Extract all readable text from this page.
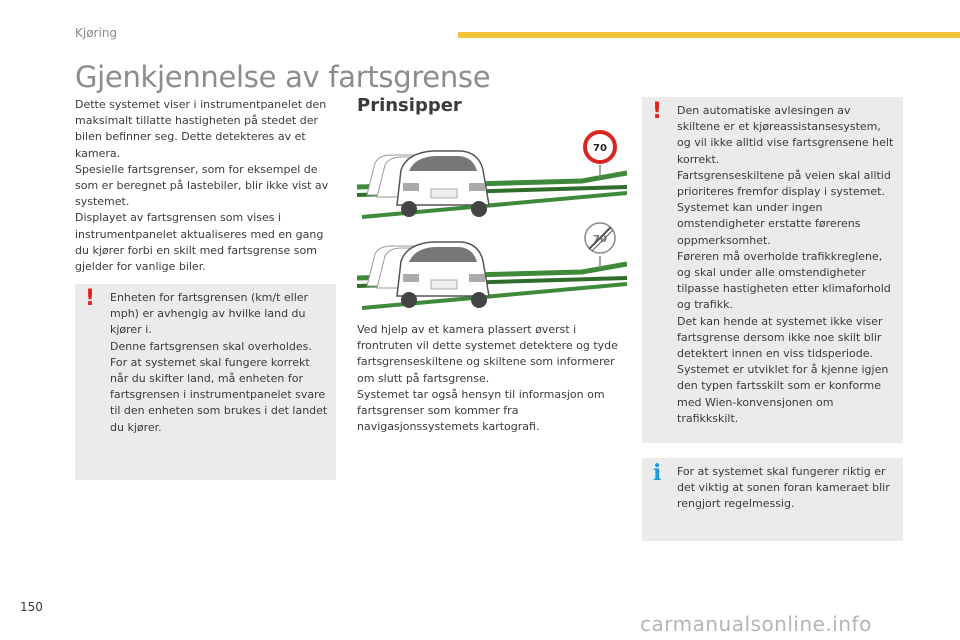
Kjøring
Gjenkjennelse av fartsgrense

Dette systemet viser i instrumentpanelet den maksimalt tillatte hastigheten på stedet der bilen befinner seg. Dette detekteres av et kamera.

Spesielle fartsgrenser, som for eksempel de som er beregnet på lastebiler, blir ikke vist av systemet.

Displayet av fartsgrensen som vises i instrumentpanelet aktualiseres med en gang du kjører forbi en skilt med fartsgrense som gjelder for vanlige biler.

! Enheten for fartsgrensen (km/t eller mph) er avhengig av hvilke land du kjører i.

Denne fartsgrensen skal overholdes. For at systemet skal fungere korrekt når du skifter land, må enheten for fartsgrensen i instrumentpanelet svare til den enheten som brukes i det landet du kjører.

Prinsipper
70
70

Ved hjelp av et kamera plassert øverst i frontruten vil dette systemet detektere og tyde fartsgrenseskiltene og skiltene som informerer om slutt på fartsgrense.

Systemet tar også hensyn til informasjon om fartsgrenser som kommer fra navigasjonssystemets kartografi.

! Den automatiske avlesingen av skiltene er et kjøreassistansesystem, og vil ikke alltid vise fartsgrensene helt korrekt.

Fartsgrenseskiltene på veien skal alltid prioriteres fremfor display i systemet.

Systemet kan under ingen omstendigheter erstatte førerens oppmerksomhet.

Føreren må overholde trafikkreglene, og skal under alle omstendigheter tilpasse hastigheten etter klimaforhold og trafikk.

Det kan hende at systemet ikke viser fartsgrense dersom ikke noe skilt blir detektert innen en viss tidsperiode.

Systemet er utviklet for å kjenne igjen den typen fartsskilt som er konforme med Wien-konvensjonen om trafikkskilt.

i For at systemet skal fungerer riktig er det viktig at sonen foran kameraet blir rengjort regelmessig.

150
carmanualsonline.info
